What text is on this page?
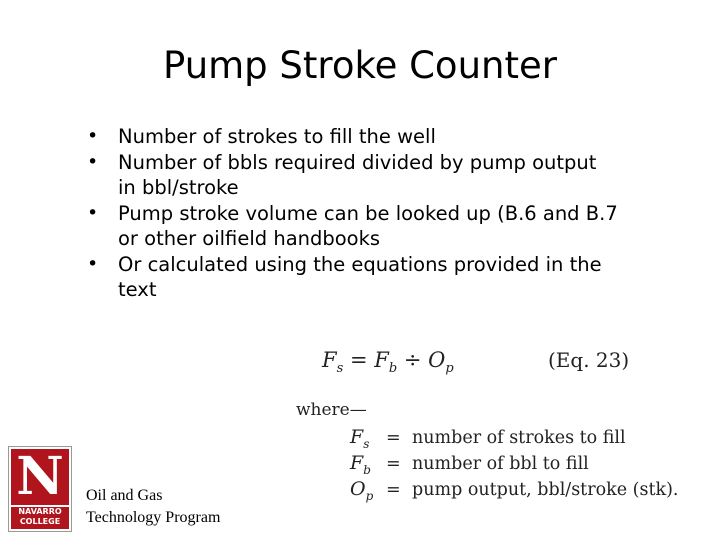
Pump Stroke Counter
• Number of strokes to fill the well
• Number of bbls required divided by pump output
in bbl/stroke
• Pump stroke volume can be looked up (B.6 and B.7
or other oilfield handbooks
• Or calculated using the equations provided in the
text
$F_s = F_b \div O_p$	(Eq. 23)
where—
$F_s$ = number of strokes to fill
$F_b$ = number of bbl to fill
$O_p$ = pump output, bbl/stroke (stk).
N
NAVARRO
COLLEGE
Oil and Gas
Technology Program
